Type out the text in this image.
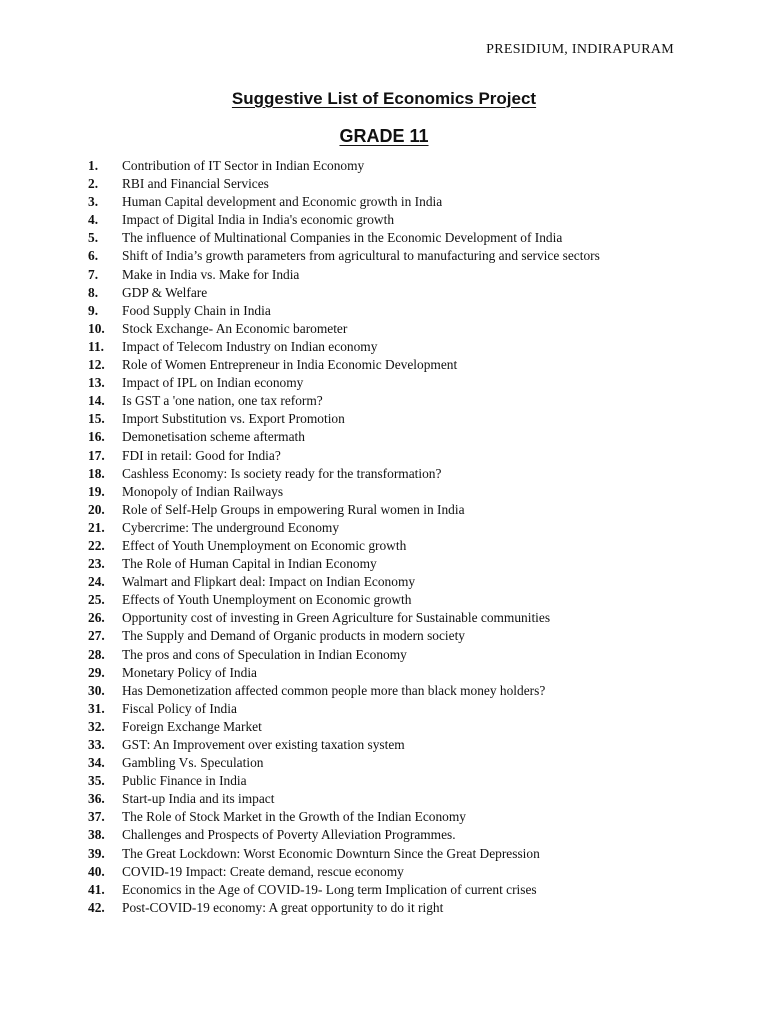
PRESIDIUM, INDIRAPURAM
Suggestive List of Economics Project
GRADE 11
1.	Contribution of IT Sector in Indian Economy
2.	RBI and Financial Services
3.	Human Capital development and Economic growth in India
4.	Impact of Digital India in India's economic growth
5.	The influence of Multinational Companies in the Economic Development of India
6.	Shift of India’s growth parameters from agricultural to manufacturing and service sectors
7.	Make in India vs. Make for India
8.	GDP & Welfare
9.	Food Supply Chain in India
10.	Stock Exchange- An Economic barometer
11.	Impact of Telecom Industry on Indian economy
12.	Role of Women Entrepreneur in India Economic Development
13.	Impact of IPL on Indian economy
14.	Is GST a 'one nation, one tax reform?
15.	Import Substitution vs. Export Promotion
16.	Demonetisation scheme aftermath
17.	FDI in retail: Good for India?
18.	Cashless Economy: Is society ready for the transformation?
19.	Monopoly of Indian Railways
20.	Role of Self-Help Groups in empowering Rural women in India
21.	Cybercrime: The underground Economy
22.	Effect of Youth Unemployment on Economic growth
23.	The Role of Human Capital in Indian Economy
24.	Walmart and Flipkart deal: Impact on Indian Economy
25.	Effects of Youth Unemployment on Economic growth
26.	Opportunity cost of investing in Green Agriculture for Sustainable communities
27.	The Supply and Demand of Organic products in modern society
28.	The pros and cons of Speculation in Indian Economy
29.	Monetary Policy of India
30.	Has Demonetization affected common people more than black money holders?
31.	Fiscal Policy of India
32.	Foreign Exchange Market
33.	GST: An Improvement over existing taxation system
34.	Gambling Vs. Speculation
35.	Public Finance in India
36.	Start-up India and its impact
37.	The Role of Stock Market in the Growth of the Indian Economy
38.	Challenges and Prospects of Poverty Alleviation Programmes.
39.	The Great Lockdown: Worst Economic Downturn Since the Great Depression
40.	COVID-19 Impact: Create demand, rescue economy
41.	Economics in the Age of COVID-19- Long term Implication of current crises
42.	Post-COVID-19 economy: A great opportunity to do it right
